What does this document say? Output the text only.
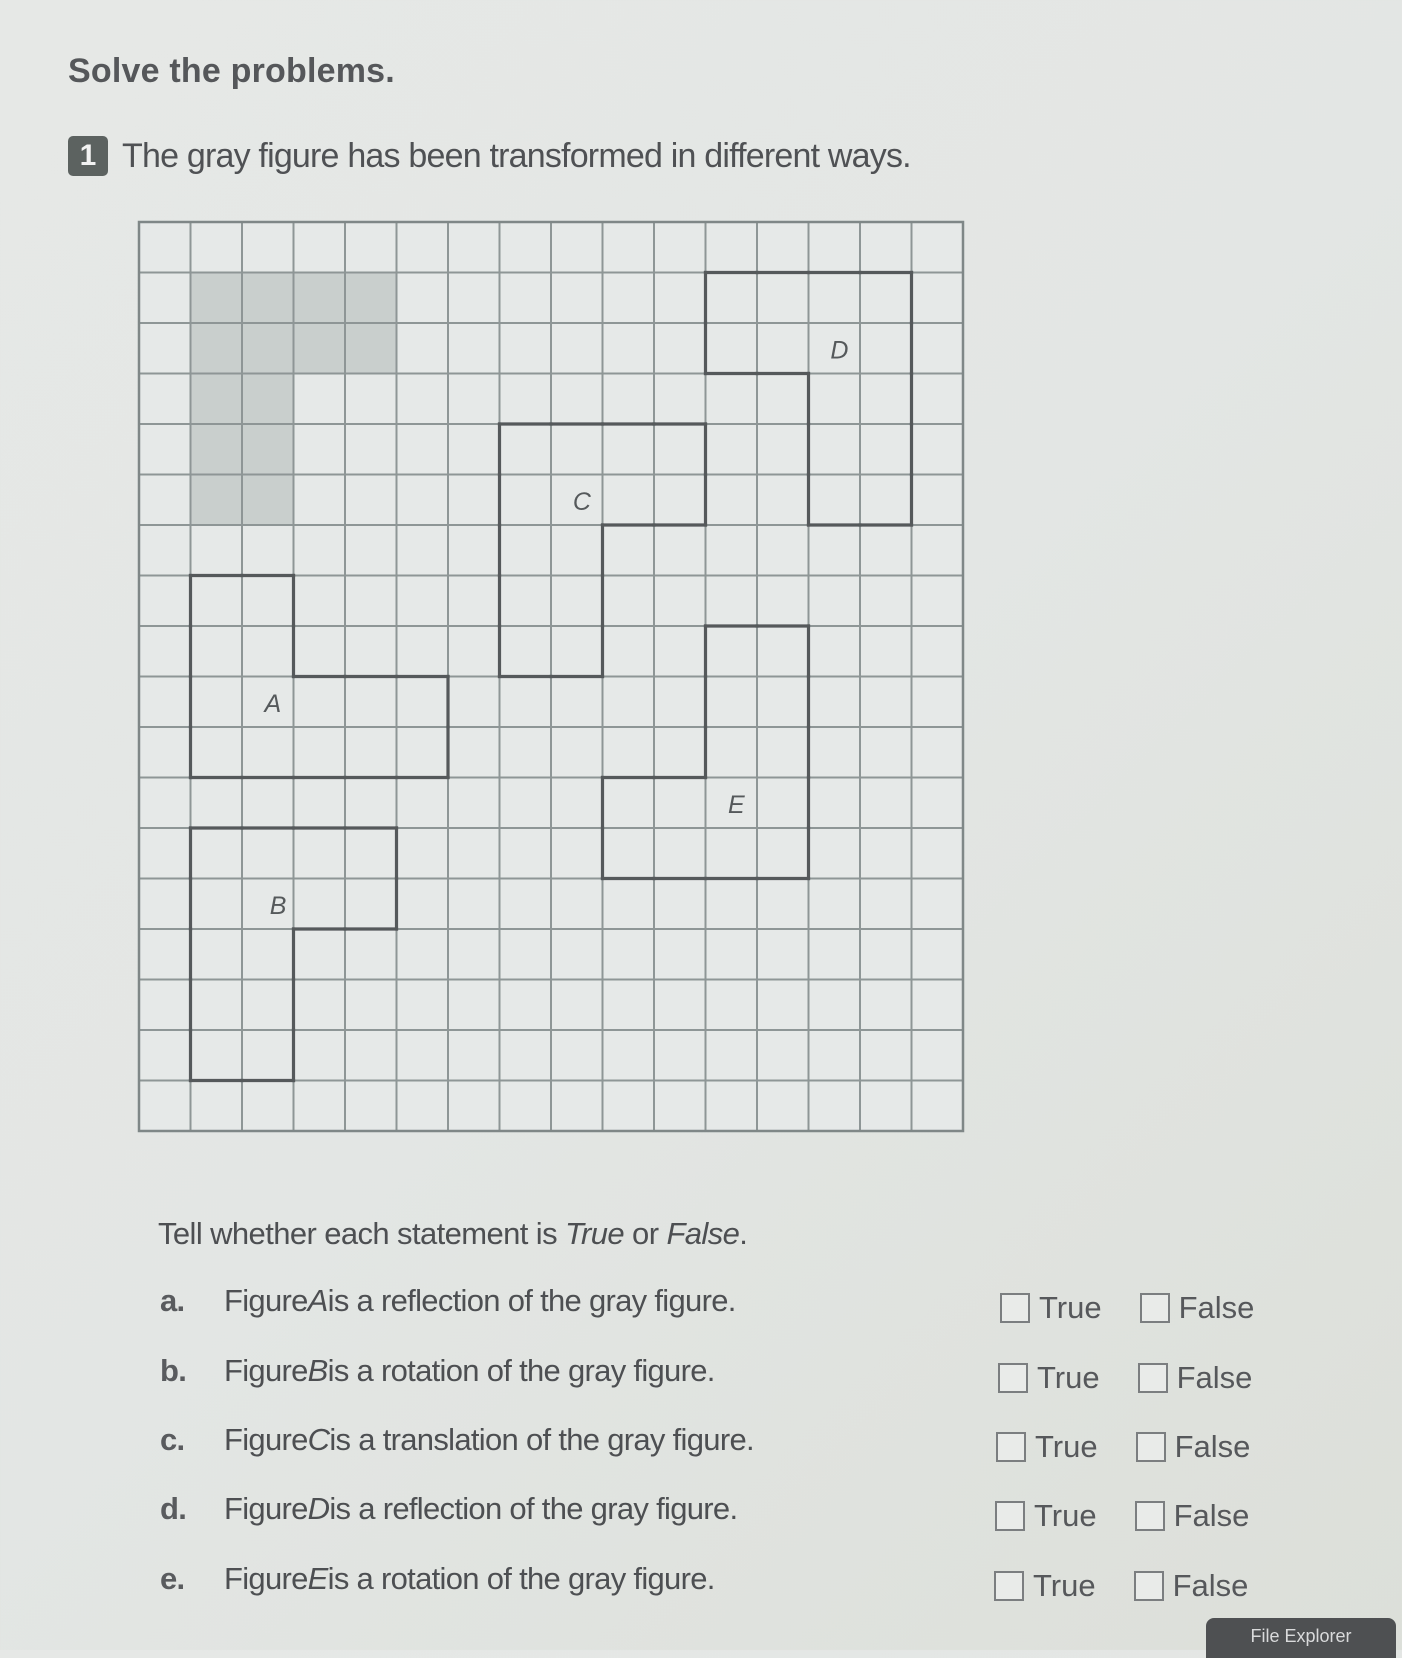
Solve the problems.
1 The gray figure has been transformed in different ways.
A
B
C
D
E
Tell whether each statement is True or False.
a.	Figure A is a reflection of the gray figure.	True False
b.	Figure B is a rotation of the gray figure.	True False
c.	Figure C is a translation of the gray figure.	True False
d.	Figure D is a reflection of the gray figure.	True False
e.	Figure E is a rotation of the gray figure.	True False
File Explorer
